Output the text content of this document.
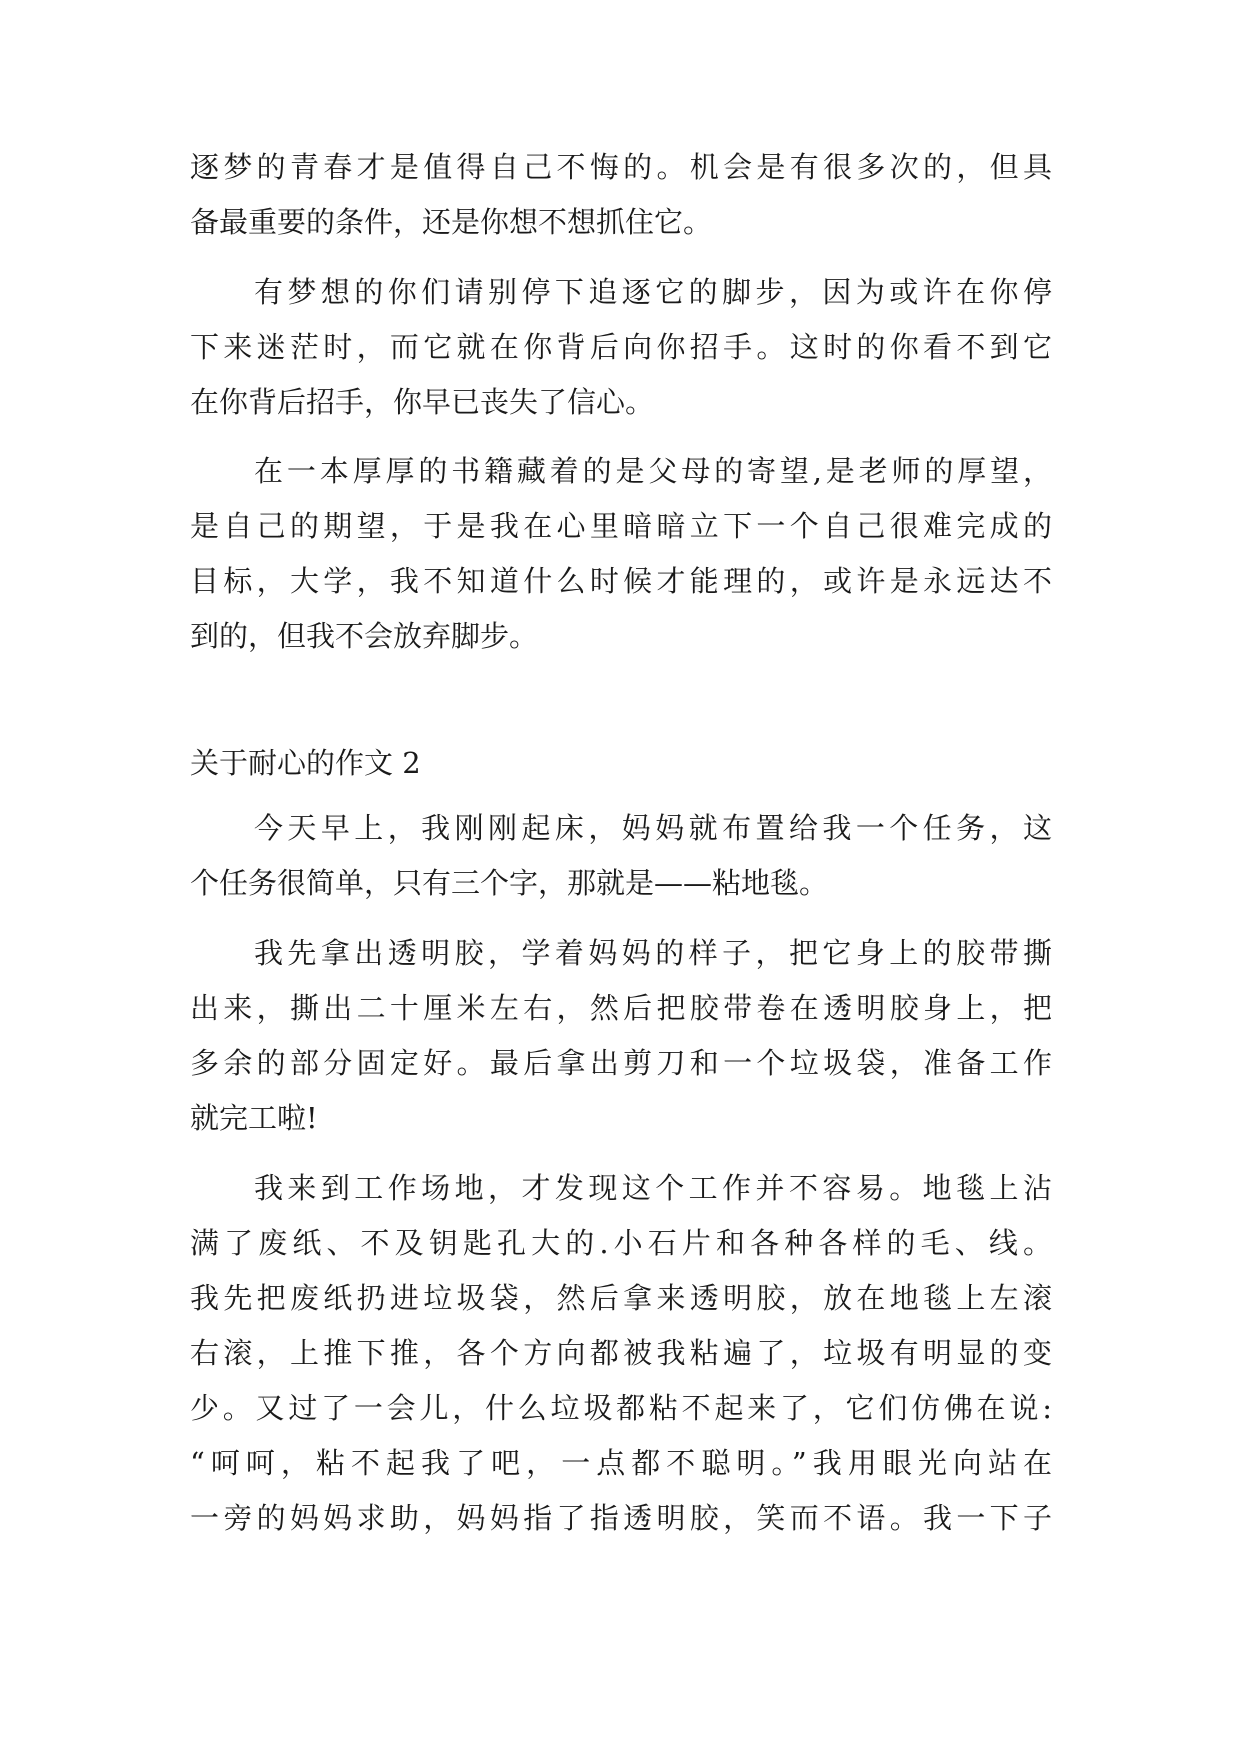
逐梦的青春才是值得自己不悔的。机会是有很多次的，但具
备最重要的条件，还是你想不想抓住它。
有梦想的你们请别停下追逐它的脚步，因为或许在你停
下来迷茫时，而它就在你背后向你招手。这时的你看不到它
在你背后招手，你早已丧失了信心。
在一本厚厚的书籍藏着的是父母的寄望,是老师的厚望，
是自己的期望，于是我在心里暗暗立下一个自己很难完成的
目标，大学，我不知道什么时候才能理的，或许是永远达不
到的，但我不会放弃脚步。
关于耐心的作文 2
今天早上，我刚刚起床，妈妈就布置给我一个任务，这
个任务很简单，只有三个字，那就是——粘地毯。
我先拿出透明胶，学着妈妈的样子，把它身上的胶带撕
出来，撕出二十厘米左右，然后把胶带卷在透明胶身上，把
多余的部分固定好。最后拿出剪刀和一个垃圾袋，准备工作
就完工啦!
我来到工作场地，才发现这个工作并不容易。地毯上沾
满了废纸、不及钥匙孔大的.小石片和各种各样的毛、线。
我先把废纸扔进垃圾袋，然后拿来透明胶，放在地毯上左滚
右滚，上推下推，各个方向都被我粘遍了，垃圾有明显的变
少。又过了一会儿，什么垃圾都粘不起来了，它们仿佛在说:
“呵呵，粘不起我了吧，一点都不聪明。”我用眼光向站在
一旁的妈妈求助，妈妈指了指透明胶，笑而不语。我一下子
